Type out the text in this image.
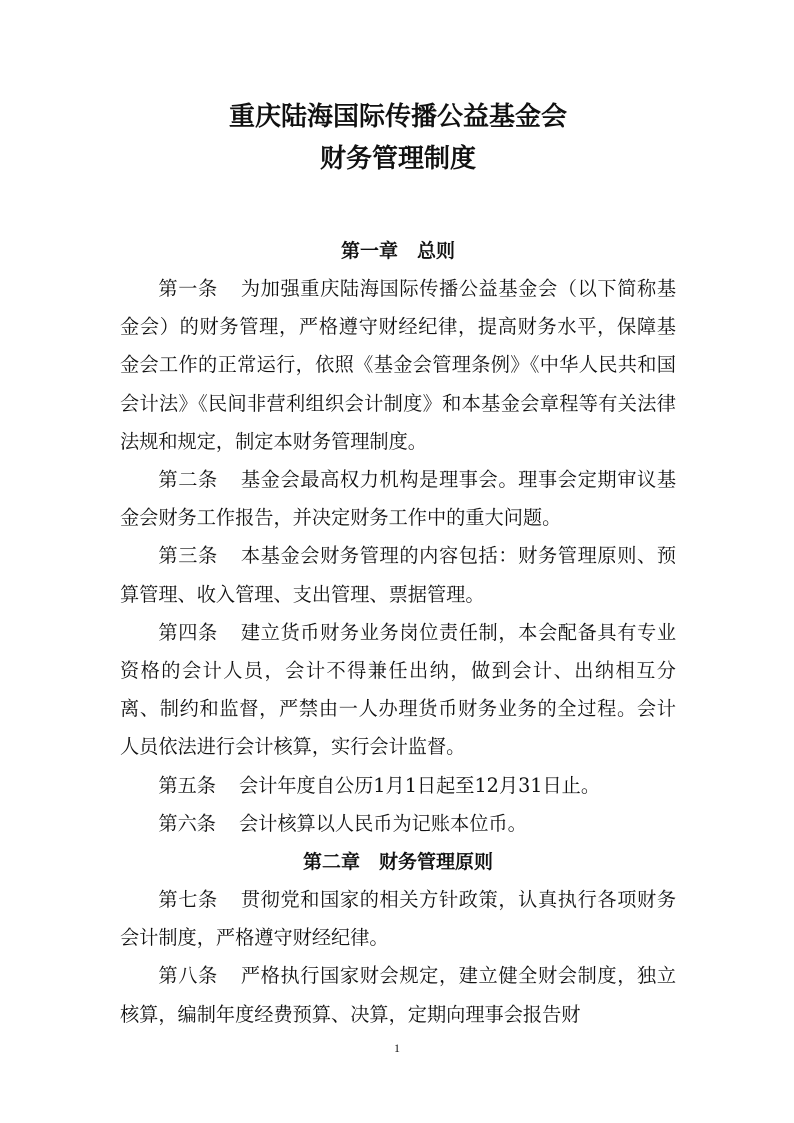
重庆陆海国际传播公益基金会
财务管理制度
第一章　总则

第一条 为加强重庆陆海国际传播公益基金会（以下简称基金会）的财务管理，严格遵守财经纪律，提高财务水平，保障基金会工作的正常运行，依照《基金会管理条例》《中华人民共和国会计法》《民间非营利组织会计制度》和本基金会章程等有关法律法规和规定，制定本财务管理制度。

第二条 基金会最高权力机构是理事会。理事会定期审议基金会财务工作报告，并决定财务工作中的重大问题。

第三条 本基金会财务管理的内容包括：财务管理原则、预算管理、收入管理、支出管理、票据管理。

第四条 建立货币财务业务岗位责任制，本会配备具有专业资格的会计人员，会计不得兼任出纳，做到会计、出纳相互分离、制约和监督，严禁由一人办理货币财务业务的全过程。会计人员依法进行会计核算，实行会计监督。

第五条 会计年度自公历1月1日起至12月31日止。

第六条 会计核算以人民币为记账本位币。

第二章　财务管理原则

第七条 贯彻党和国家的相关方针政策，认真执行各项财务会计制度，严格遵守财经纪律。

第八条 严格执行国家财会规定，建立健全财会制度，独立核算，编制年度经费预算、决算，定期向理事会报告财

1
